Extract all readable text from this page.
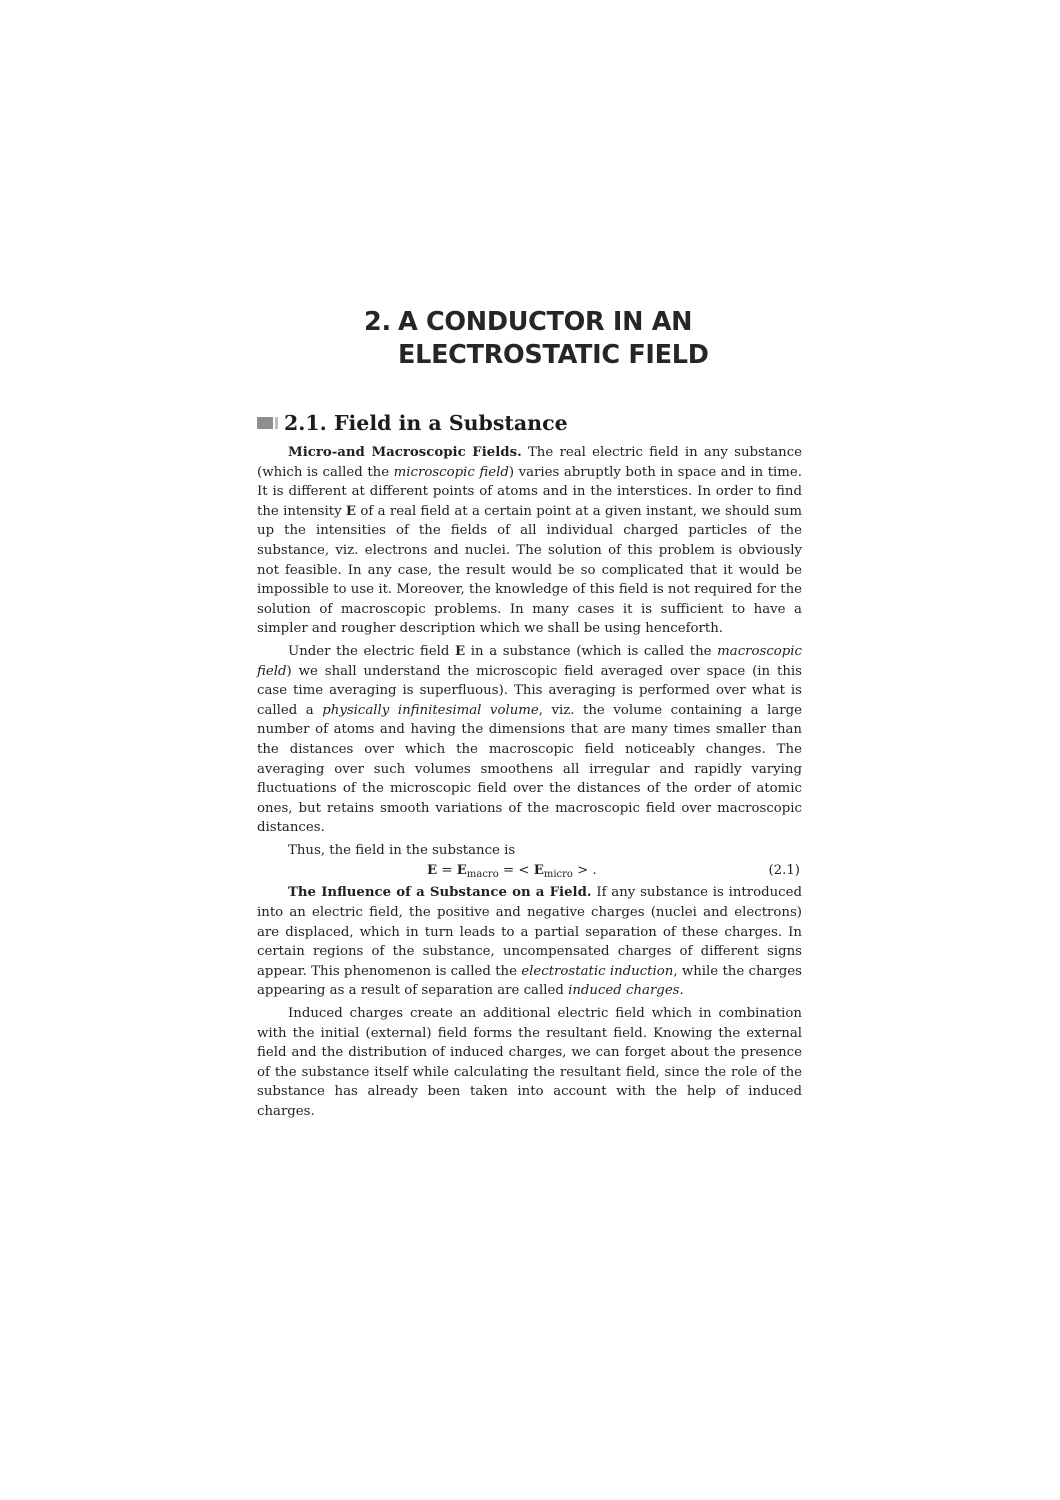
2. A CONDUCTOR IN AN
ELECTROSTATIC FIELD
2.1. Field in a Substance

Micro-and Macroscopic Fields. The real electric field in any substance (which is called the microscopic field) varies abruptly both in space and in time. It is different at different points of atoms and in the interstices. In order to find the intensity E of a real field at a certain point at a given instant, we should sum up the intensities of the fields of all individual charged particles of the substance, viz. electrons and nuclei. The solution of this problem is obviously not feasible. In any case, the result would be so complicated that it would be impossible to use it. Moreover, the knowledge of this field is not required for the solution of macroscopic problems. In many cases it is sufficient to have a simpler and rougher description which we shall be using henceforth.

Under the electric field E in a substance (which is called the macroscopic field) we shall understand the microscopic field averaged over space (in this case time averaging is superfluous). This averaging is performed over what is called a physically infinitesimal volume, viz. the volume containing a large number of atoms and having the dimensions that are many times smaller than the distances over which the macroscopic field noticeably changes. The averaging over such volumes smoothens all irregular and rapidly varying fluctuations of the microscopic field over the distances of the order of atomic ones, but retains smooth variations of the macroscopic field over macroscopic distances.

Thus, the field in the substance is

$E = E_{macro}$ = < $E_{micro}$ > .	(2.1)

The Influence of a Substance on a Field. If any substance is introduced into an electric field, the positive and negative charges (nuclei and electrons) are displaced, which in turn leads to a partial separation of these charges. In certain regions of the substance, uncompensated charges of different signs appear. This phenomenon is called the electrostatic induction, while the charges appearing as a result of separation are called induced charges.

Induced charges create an additional electric field which in combination with the initial (external) field forms the resultant field. Knowing the external field and the distribution of induced charges, we can forget about the presence of the substance itself while calculating the resultant field, since the role of the substance has already been taken into account with the help of induced charges.
